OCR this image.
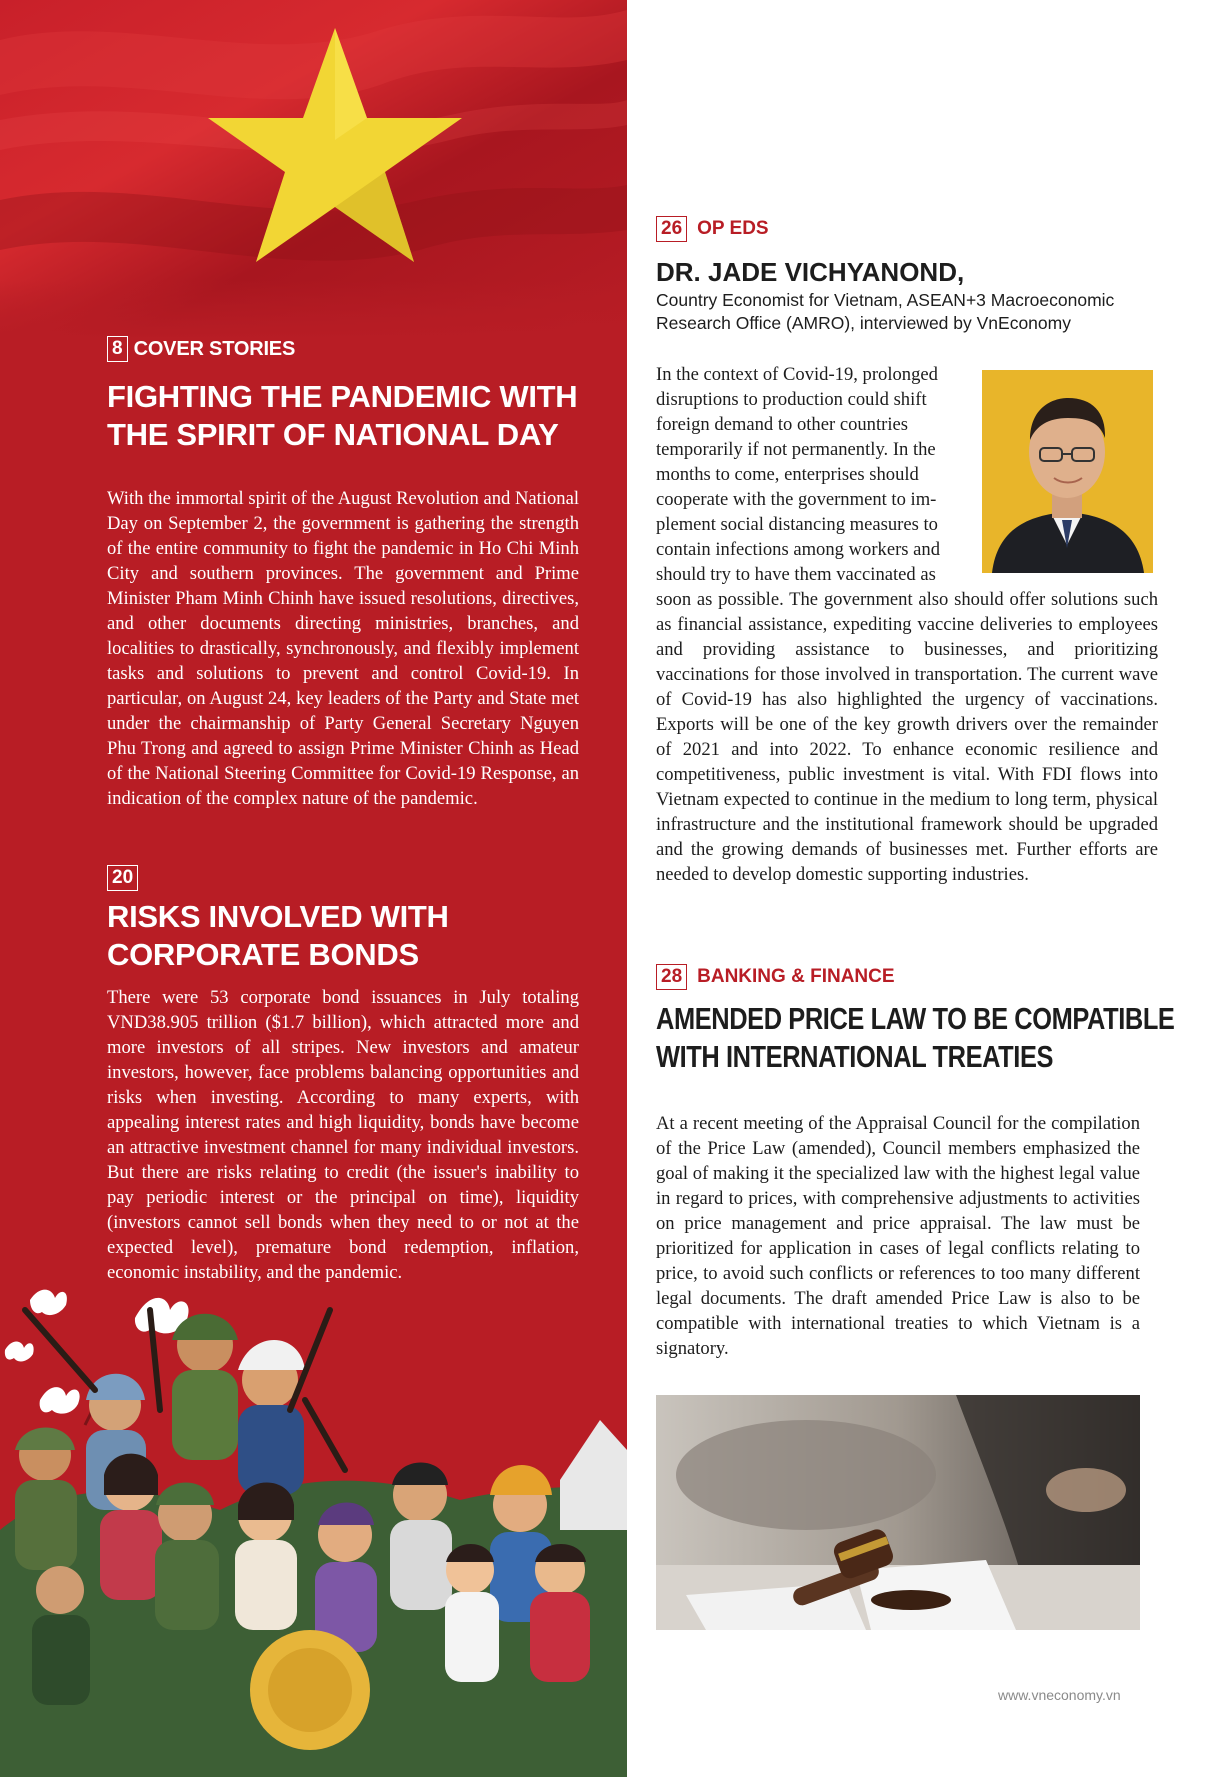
8 COVER STORIES
FIGHTING THE PANDEMIC WITH
THE SPIRIT OF NATIONAL DAY
With the immortal spirit of the August Revolution and National Day on September 2, the government is gathering the strength of the entire community to fight the pandemic in Ho Chi Minh City and southern provinces. The government and Prime Minister Pham Minh Chinh have issued resolutions, directives, and other documents directing ministries, branches, and localities to drastically, synchronously, and flexibly implement tasks and solutions to prevent and control Covid-19. In particular, on August 24, key leaders of the Party and State met under the chairmanship of Party General Secretary Nguyen Phu Trong and agreed to assign Prime Minister Chinh as Head of the National Steering Committee for Covid-19 Response, an indication of the complex nature of the pandemic.
20
RISKS INVOLVED WITH
CORPORATE BONDS
There were 53 corporate bond issuances in July totaling VND38.905 trillion ($1.7 billion), which attracted more and more investors of all stripes. New investors and amateur investors, however, face problems balancing opportunities and risks when investing. According to many experts, with appealing interest rates and high liquidity, bonds have become an attractive investment channel for many individual investors. But there are risks relating to credit (the issuer's inability to pay periodic interest or the principal on time), liquidity (investors cannot sell bonds when they need to or not at the expected level), premature bond redemption, inflation, economic instability, and the pandemic.
26 OP EDS
DR. JADE VICHYANOND,
Country Economist for Vietnam, ASEAN+3 Macroeconomic Research Office (AMRO), interviewed by VnEconomy
In the context of Covid-19, prolonged
disruptions to production could shift
foreign demand to other countries
temporarily if not permanently. In the
months to come, enterprises should
cooperate with the government to im-
plement social distancing measures to
contain infections among workers and
should try to have them vaccinated as
soon as possible. The government also should offer solutions such as financial assistance, expediting vaccine deliveries to employees and providing assistance to businesses, and prioritizing vaccinations for those involved in transportation. The current wave of Covid-19 has also highlighted the urgency of vaccinations. Exports will be one of the key growth drivers over the remainder of 2021 and into 2022. To enhance economic resilience and competitiveness, public investment is vital. With FDI flows into Vietnam expected to continue in the medium to long term, physical infrastructure and the institutional framework should be upgraded and the growing demands of businesses met. Further efforts are needed to develop domestic supporting industries.
28 BANKING & FINANCE
AMENDED PRICE LAW TO BE COMPATIBLE
WITH INTERNATIONAL TREATIES
At a recent meeting of the Appraisal Council for the compilation of the Price Law (amended), Council members emphasized the goal of making it the specialized law with the highest legal value in regard to prices, with comprehensive adjustments to activities on price management and price appraisal. The law must be prioritized for application in cases of legal conflicts relating to price, to avoid such conflicts or references to too many different legal documents. The draft amended Price Law is also to be compatible with international treaties to which Vietnam is a signatory.
www.vneconomy.vn
